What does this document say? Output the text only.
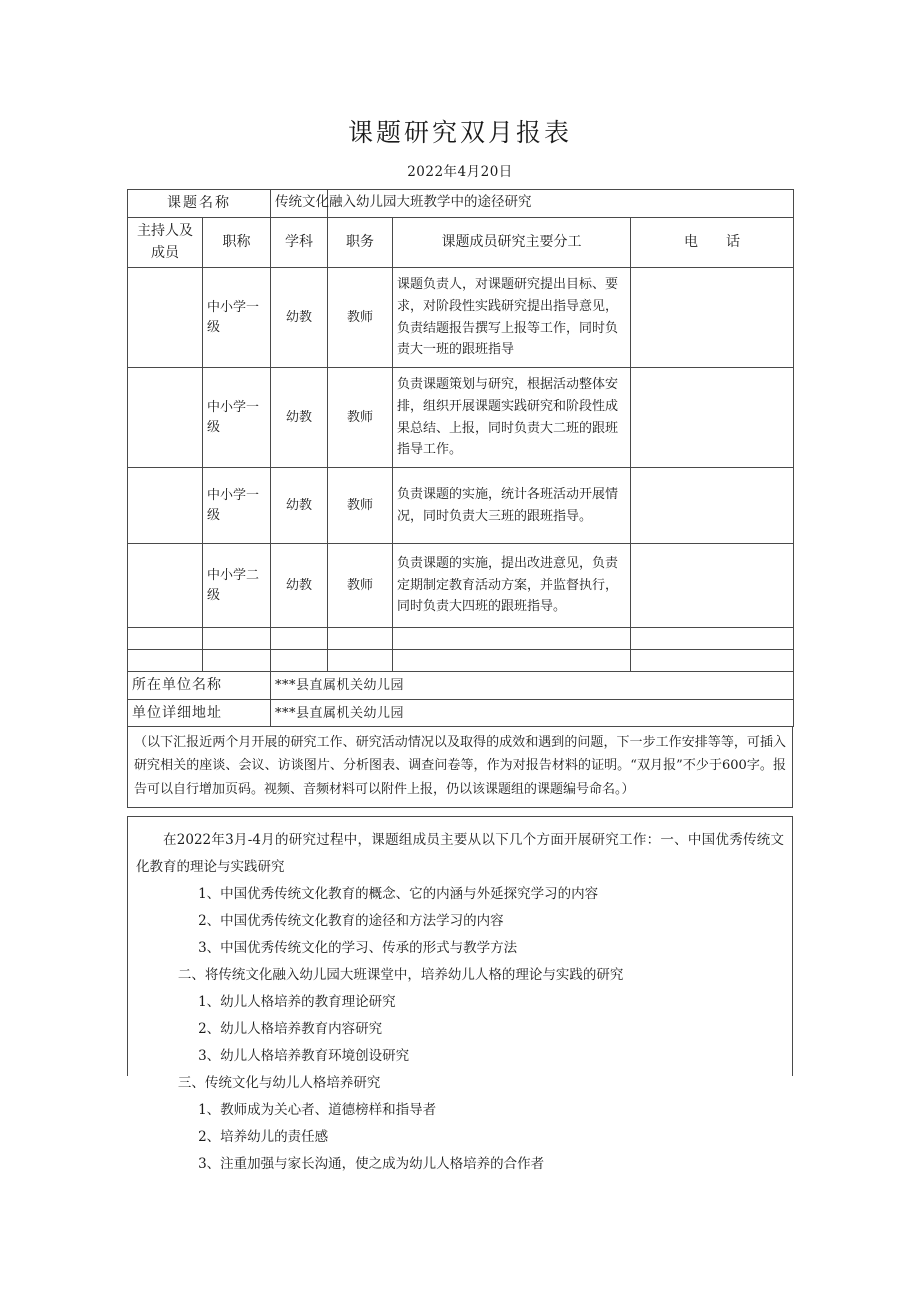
课题研究双月报表
2022年4月20日
课题名称		传统文化融入幼儿园大班教学中的途径研究			

主持人及
成员	职称	学科	职务	课题成员研究主要分工	电　　话

	中小学一
级	幼教	教师	课题负责人，对课题研究提出目标、要求，对阶段性实践研究提出指导意见，负责结题报告撰写上报等工作，同时负责大一班的跟班指导	

	中小学一
级	幼教	教师	负责课题策划与研究，根据活动整体安排，组织开展课题实践研究和阶段性成果总结、上报，同时负责大二班的跟班指导工作。	

	中小学一
级	幼教	教师	负责课题的实施，统计各班活动开展情况，同时负责大三班的跟班指导。	

	中小学二
级	幼教	教师	负责课题的实施，提出改进意见，负责定期制定教育活动方案，并监督执行，同时负责大四班的跟班指导。	

所在单位名称		***县直属机关幼儿园			
单位详细地址		***县直属机关幼儿园			
（以下汇报近两个月开展的研究工作、研究活动情况以及取得的成效和遇到的问题，下一步工作安排等等，可插入研究相关的座谈、会议、访谈图片、分析图表、调查问卷等，作为对报告材料的证明。“双月报”不少于600字。报告可以自行增加页码。视频、音频材料可以附件上报，仍以该课题组的课题编号命名。）

在2022年3月-4月的研究过程中，课题组成员主要从以下几个方面开展研究工作：一、中国优秀传统文化教育的理论与实践研究

1、中国优秀传统文化教育的概念、它的内涵与外延探究学习的内容

2、中国优秀传统文化教育的途径和方法学习的内容

3、中国优秀传统文化的学习、传承的形式与教学方法

二、将传统文化融入幼儿园大班课堂中，培养幼儿人格的理论与实践的研究

1、幼儿人格培养的教育理论研究

2、幼儿人格培养教育内容研究

3、幼儿人格培养教育环境创设研究

三、传统文化与幼儿人格培养研究

1、教师成为关心者、道德榜样和指导者

2、培养幼儿的责任感

3、注重加强与家长沟通，使之成为幼儿人格培养的合作者
